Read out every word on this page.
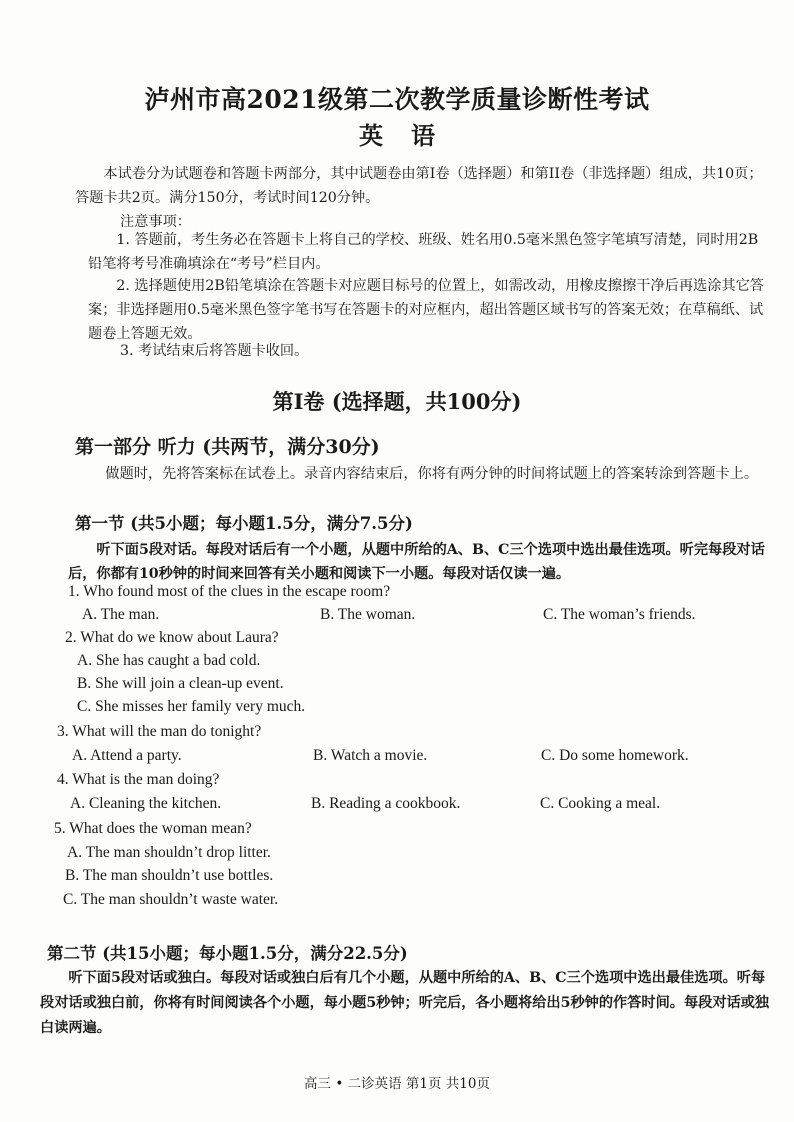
泸州市高2021级第二次教学质量诊断性考试
英语
本试卷分为试题卷和答题卡两部分，其中试题卷由第I卷（选择题）和第II卷（非选择题）组成，共10页；答题卡共2页。满分150分，考试时间120分钟。
注意事项：
1. 答题前，考生务必在答题卡上将自己的学校、班级、姓名用0.5毫米黑色签字笔填写清楚，同时用2B铅笔将考号准确填涂在“考号”栏目内。
2. 选择题使用2B铅笔填涂在答题卡对应题目标号的位置上，如需改动，用橡皮擦擦干净后再选涂其它答案；非选择题用0.5毫米黑色签字笔书写在答题卡的对应框内，超出答题区域书写的答案无效；在草稿纸、试题卷上答题无效。
3. 考试结束后将答题卡收回。
第I卷 (选择题，共100分)
第一部分 听力 (共两节，满分30分)
做题时，先将答案标在试卷上。录音内容结束后，你将有两分钟的时间将试题上的答案转涂到答题卡上。
第一节 (共5小题；每小题1.5分，满分7.5分)
听下面5段对话。每段对话后有一个小题，从题中所给的A、B、C三个选项中选出最佳选项。听完每段对话后，你都有10秒钟的时间来回答有关小题和阅读下一小题。每段对话仅读一遍。
1. Who found most of the clues in the escape room?
A. The man.	B. The woman.	C. The woman’s friends.
2. What do we know about Laura?
A. She has caught a bad cold.
B. She will join a clean-up event.
C. She misses her family very much.
3. What will the man do tonight?
A. Attend a party.	B. Watch a movie.	C. Do some homework.
4. What is the man doing?
A. Cleaning the kitchen.	B. Reading a cookbook.	C. Cooking a meal.
5. What does the woman mean?
A. The man shouldn’t drop litter.
B. The man shouldn’t use bottles.
C. The man shouldn’t waste water.
第二节 (共15小题；每小题1.5分，满分22.5分)
听下面5段对话或独白。每段对话或独白后有几个小题，从题中所给的A、B、C三个选项中选出最佳选项。听每段对话或独白前，你将有时间阅读各个小题，每小题5秒钟；听完后，各小题将给出5秒钟的作答时间。每段对话或独白读两遍。
高三 • 二诊英语 第1页 共10页
